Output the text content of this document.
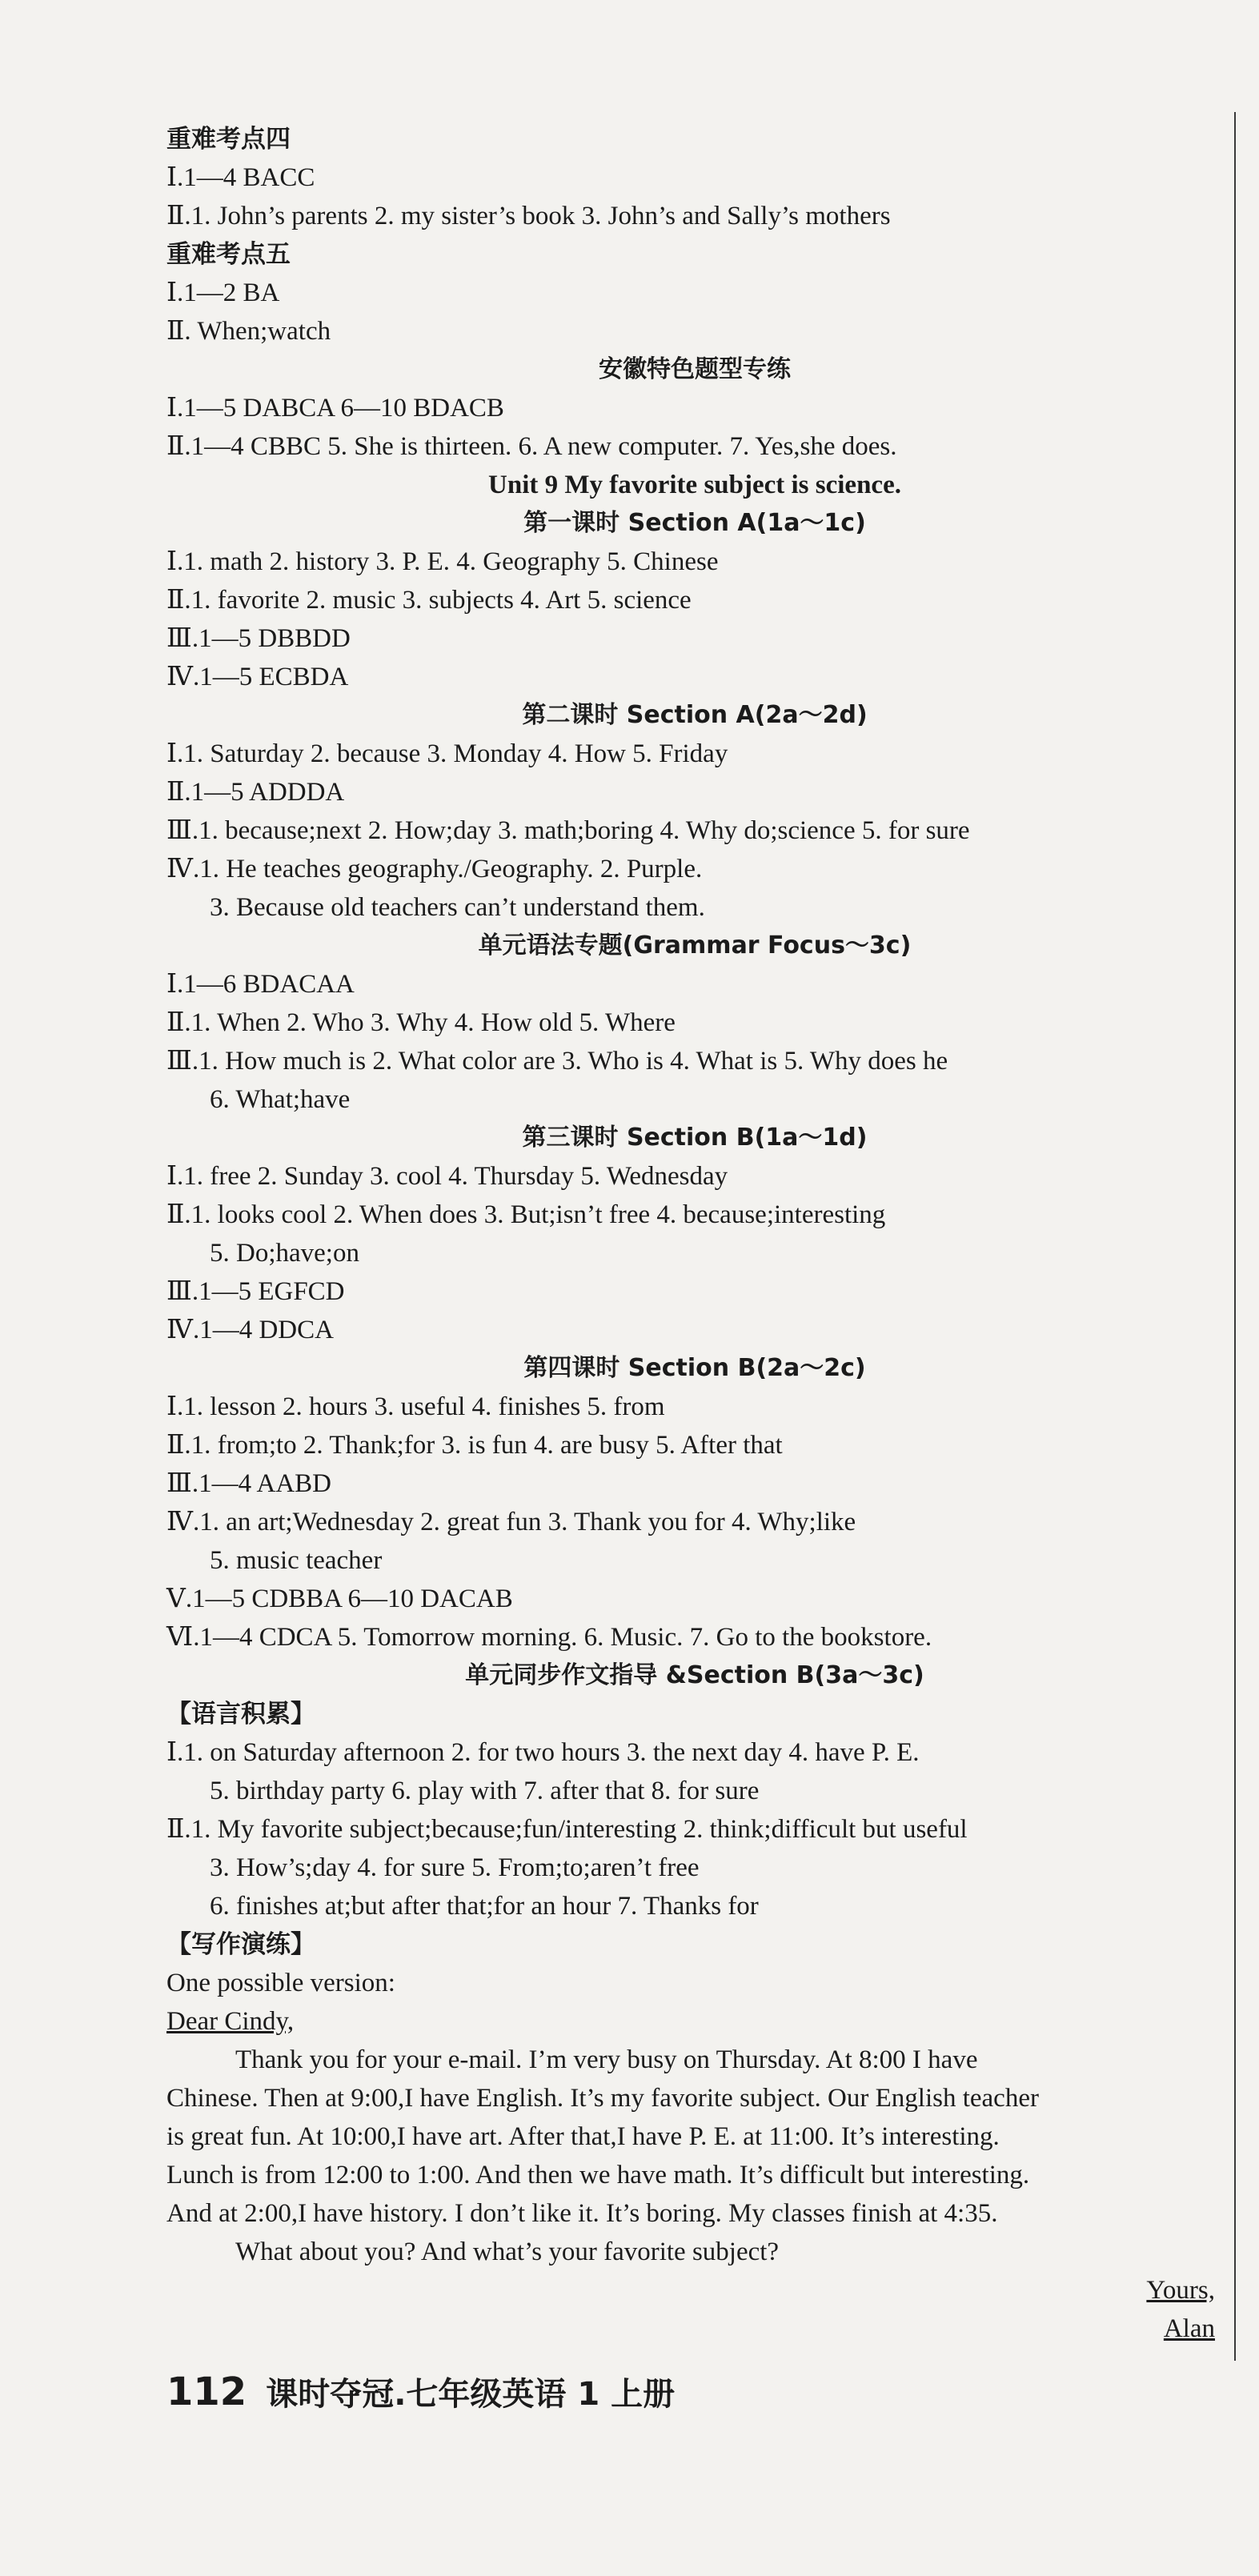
重难考点四
Ⅰ.1—4 BACC
Ⅱ.1. John’s parents 2. my sister’s book 3. John’s and Sally’s mothers
重难考点五
Ⅰ.1—2 BA
Ⅱ. When;watch
安徽特色题型专练
Ⅰ.1—5 DABCA 6—10 BDACB
Ⅱ.1—4 CBBC 5. She is thirteen. 6. A new computer. 7. Yes,she does.
Unit 9 My favorite subject is science.
第一课时 Section A(1a～1c)
Ⅰ.1. math 2. history 3. P. E. 4. Geography 5. Chinese
Ⅱ.1. favorite 2. music 3. subjects 4. Art 5. science
Ⅲ.1—5 DBBDD
Ⅳ.1—5 ECBDA
第二课时 Section A(2a～2d)
Ⅰ.1. Saturday 2. because 3. Monday 4. How 5. Friday
Ⅱ.1—5 ADDDA
Ⅲ.1. because;next 2. How;day 3. math;boring 4. Why do;science 5. for sure
Ⅳ.1. He teaches geography./Geography. 2. Purple.
3. Because old teachers can’t understand them.
单元语法专题(Grammar Focus～3c)
Ⅰ.1—6 BDACAA
Ⅱ.1. When 2. Who 3. Why 4. How old 5. Where
Ⅲ.1. How much is 2. What color are 3. Who is 4. What is 5. Why does he
6. What;have
第三课时 Section B(1a～1d)
Ⅰ.1. free 2. Sunday 3. cool 4. Thursday 5. Wednesday
Ⅱ.1. looks cool 2. When does 3. But;isn’t free 4. because;interesting
5. Do;have;on
Ⅲ.1—5 EGFCD
Ⅳ.1—4 DDCA
第四课时 Section B(2a～2c)
Ⅰ.1. lesson 2. hours 3. useful 4. finishes 5. from
Ⅱ.1. from;to 2. Thank;for 3. is fun 4. are busy 5. After that
Ⅲ.1—4 AABD
Ⅳ.1. an art;Wednesday 2. great fun 3. Thank you for 4. Why;like
5. music teacher
Ⅴ.1—5 CDBBA 6—10 DACAB
Ⅵ.1—4 CDCA 5. Tomorrow morning. 6. Music. 7. Go to the bookstore.
单元同步作文指导 &Section B(3a～3c)
【语言积累】
Ⅰ.1. on Saturday afternoon 2. for two hours 3. the next day 4. have P. E.
5. birthday party 6. play with 7. after that 8. for sure
Ⅱ.1. My favorite subject;because;fun/interesting 2. think;difficult but useful
3. How’s;day 4. for sure 5. From;to;aren’t free
6. finishes at;but after that;for an hour 7. Thanks for
【写作演练】
One possible version:
Dear Cindy,
Thank you for your e-mail. I’m very busy on Thursday. At 8:00 I have
Chinese. Then at 9:00,I have English. It’s my favorite subject. Our English teacher
is great fun. At 10:00,I have art. After that,I have P. E. at 11:00. It’s interesting.
Lunch is from 12:00 to 1:00. And then we have math. It’s difficult but interesting.
And at 2:00,I have history. I don’t like it. It’s boring. My classes finish at 4:35.
What about you? And what’s your favorite subject?
Yours,
Alan
112 课时夺冠.七年级英语 1 上册
